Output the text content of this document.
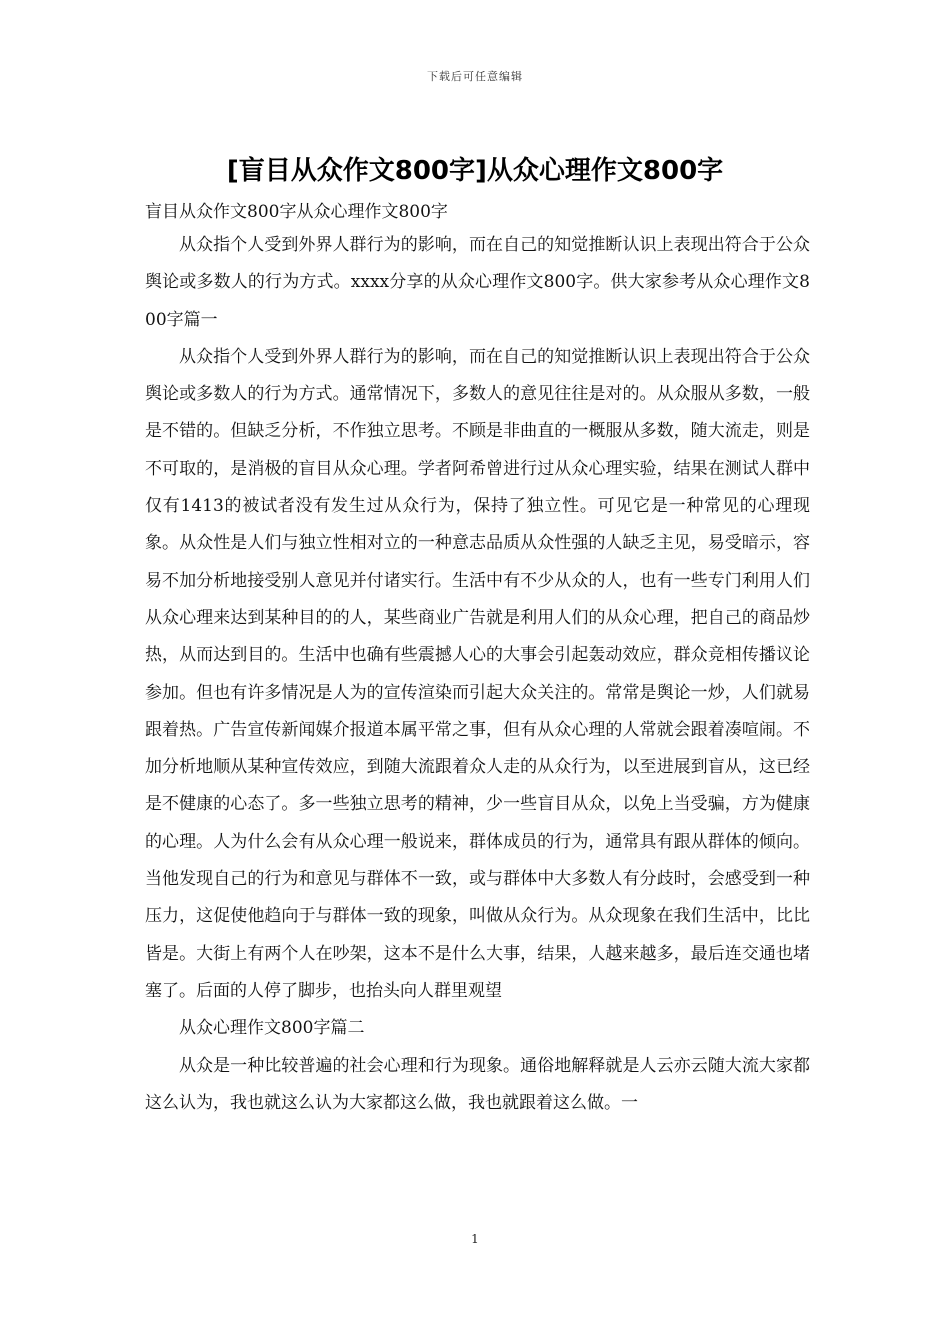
下载后可任意编辑
[盲目从众作文800字]从众心理作文800字
盲目从众作文800字从众心理作文800字

从众指个人受到外界人群行为的影响，而在自己的知觉推断认识上表现出符合于公众舆论或多数人的行为方式。xxxx分享的从众心理作文800字。供大家参考从众心理作文800字篇一

从众指个人受到外界人群行为的影响，而在自己的知觉推断认识上表现出符合于公众舆论或多数人的行为方式。通常情况下，多数人的意见往往是对的。从众服从多数，一般是不错的。但缺乏分析，不作独立思考。不顾是非曲直的一概服从多数，随大流走，则是不可取的，是消极的盲目从众心理。学者阿希曾进行过从众心理实验，结果在测试人群中仅有1413的被试者没有发生过从众行为，保持了独立性。可见它是一种常见的心理现象。从众性是人们与独立性相对立的一种意志品质从众性强的人缺乏主见，易受暗示，容易不加分析地接受别人意见并付诸实行。生活中有不少从众的人，也有一些专门利用人们从众心理来达到某种目的的人，某些商业广告就是利用人们的从众心理，把自己的商品炒热，从而达到目的。生活中也确有些震撼人心的大事会引起轰动效应，群众竞相传播议论参加。但也有许多情况是人为的宣传渲染而引起大众关注的。常常是舆论一炒，人们就易跟着热。广告宣传新闻媒介报道本属平常之事，但有从众心理的人常就会跟着凑喧闹。不加分析地顺从某种宣传效应，到随大流跟着众人走的从众行为，以至进展到盲从，这已经是不健康的心态了。多一些独立思考的精神，少一些盲目从众，以免上当受骗，方为健康的心理。人为什么会有从众心理一般说来，群体成员的行为，通常具有跟从群体的倾向。当他发现自己的行为和意见与群体不一致，或与群体中大多数人有分歧时，会感受到一种压力，这促使他趋向于与群体一致的现象，叫做从众行为。从众现象在我们生活中，比比皆是。大街上有两个人在吵架，这本不是什么大事，结果，人越来越多，最后连交通也堵塞了。后面的人停了脚步，也抬头向人群里观望

从众心理作文800字篇二

从众是一种比较普遍的社会心理和行为现象。通俗地解释就是人云亦云随大流大家都这么认为，我也就这么认为大家都这么做，我也就跟着这么做。一

1
